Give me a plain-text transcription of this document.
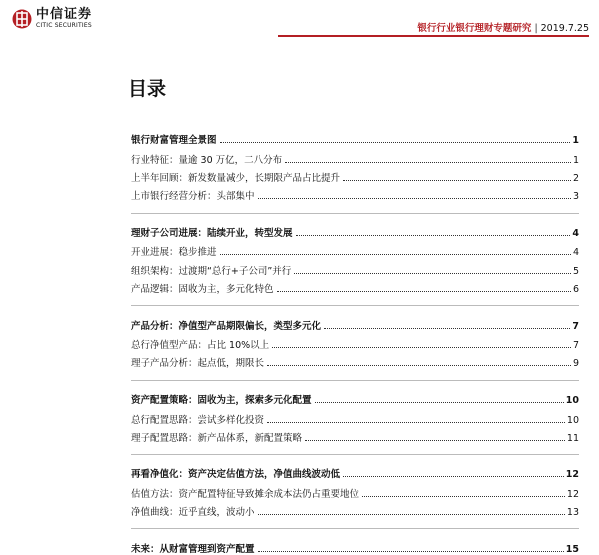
中信证券
CITIC SECURITIES	银行行业银行理财专题研究 | 2019.7.25
目录
银行财富管理全景图	1
行业特征：量逾 30 万亿，二八分布	1
上半年回顾：新发数量减少，长期限产品占比提升	2
上市银行经营分析：头部集中	3
理财子公司进展：陆续开业，转型发展	4
开业进展：稳步推进	4
组织架构：过渡期“总行+子公司”并行	5
产品逻辑：固收为主，多元化特色	6
产品分析：净值型产品期限偏长，类型多元化	7
总行净值型产品：占比 10%以上	7
理子产品分析：起点低，期限长	9
资产配置策略：固收为主，探索多元化配置	10
总行配置思路：尝试多样化投资	10
理子配置思路：新产品体系，新配置策略	11
再看净值化：资产决定估值方法，净值曲线波动低	12
估值方法：资产配置特征导致摊余成本法仍占重要地位	12
净值曲线：近乎直线，波动小	13
未来：从财富管理到资产配置	15
